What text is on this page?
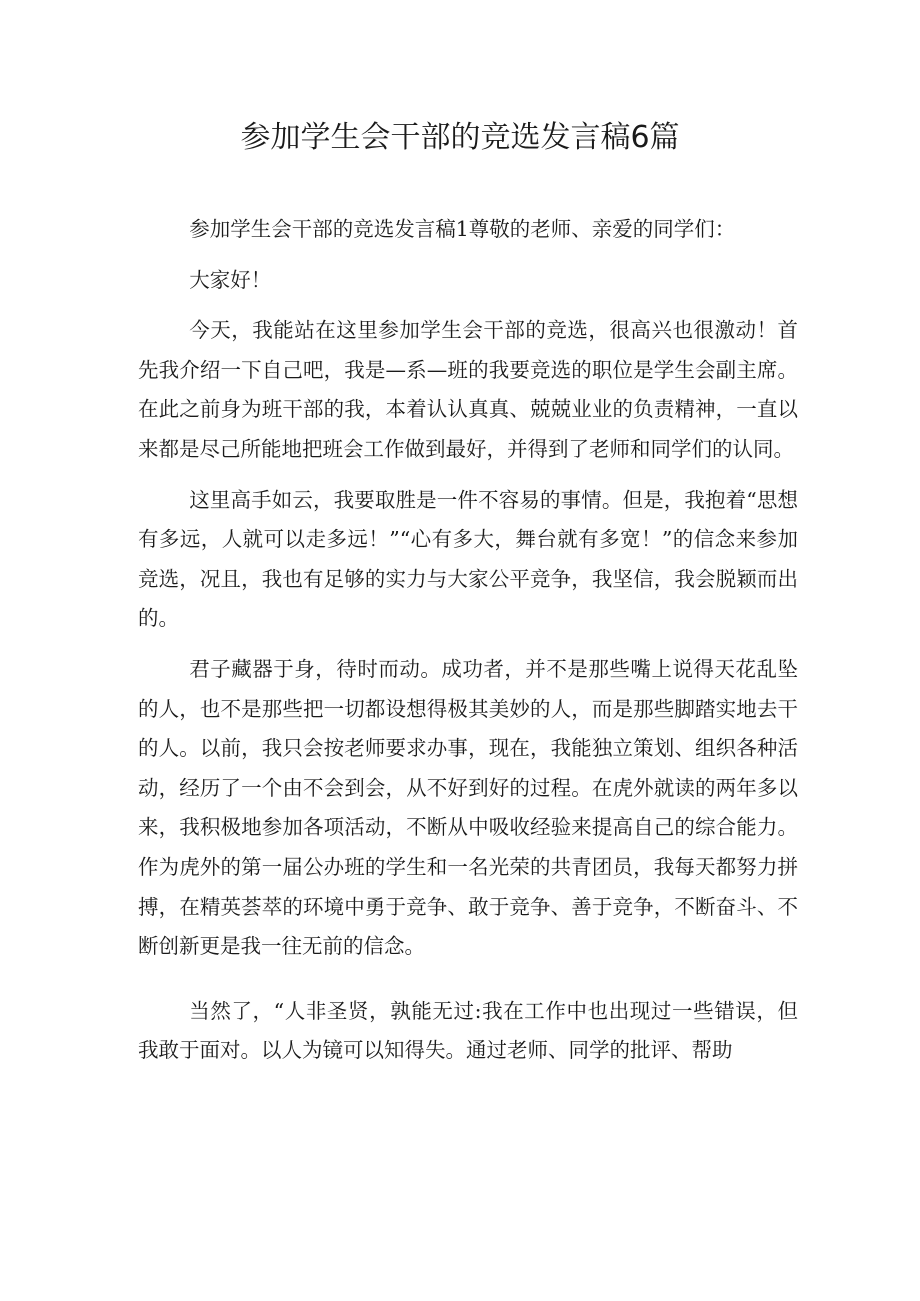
参加学生会干部的竞选发言稿6篇

参加学生会干部的竞选发言稿1尊敬的老师、亲爱的同学们：

大家好！

今天，我能站在这里参加学生会干部的竞选，很高兴也很激动！首先我介绍一下自己吧，我是—系—班的我要竞选的职位是学生会副主席。在此之前身为班干部的我，本着认认真真、兢兢业业的负责精神，一直以来都是尽己所能地把班会工作做到最好，并得到了老师和同学们的认同。

这里高手如云，我要取胜是一件不容易的事情。但是，我抱着“思想有多远，人就可以走多远！”“心有多大，舞台就有多宽！”的信念来参加竞选，况且，我也有足够的实力与大家公平竞争，我坚信，我会脱颖而出的。

君子藏器于身，待时而动。成功者，并不是那些嘴上说得天花乱坠的人，也不是那些把一切都设想得极其美妙的人，而是那些脚踏实地去干的人。以前，我只会按老师要求办事，现在，我能独立策划、组织各种活动，经历了一个由不会到会，从不好到好的过程。在虎外就读的两年多以来，我积极地参加各项活动，不断从中吸收经验来提高自己的综合能力。作为虎外的第一届公办班的学生和一名光荣的共青团员，我每天都努力拼搏，在精英荟萃的环境中勇于竞争、敢于竞争、善于竞争，不断奋斗、不断创新更是我一往无前的信念。

当然了，“人非圣贤，孰能无过:我在工作中也出现过一些错误，但我敢于面对。以人为镜可以知得失。通过老师、同学的批评、帮助
